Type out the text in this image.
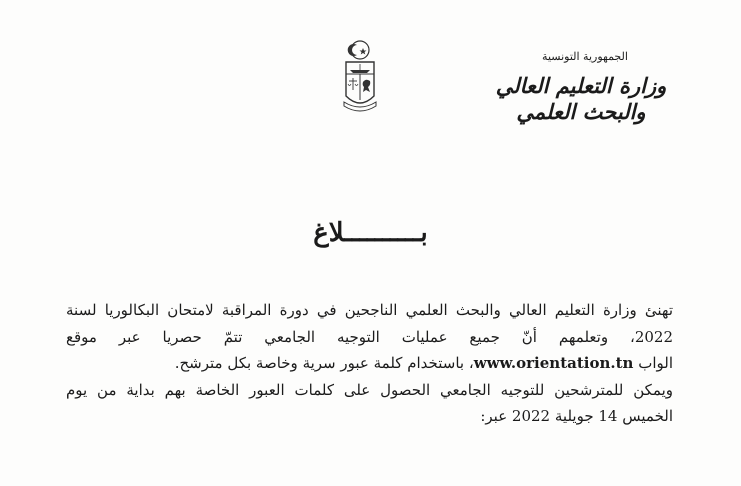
الجمهورية التونسية
وزارة التعليم العالي
والبحث العلمي
بــــــــــلاغ
تهنئ وزارة التعليم العالي والبحث العلمي الناجحين في دورة المراقبة لامتحان البكالوريا لسنة
2022، وتعلمهم أنّ جميع عمليات التوجيه الجامعي تتمّ حصريا عبر موقع
الواب www.orientation.tn، باستخدام كلمة عبور سرية وخاصة بكل مترشح.
ويمكن للمترشحين للتوجيه الجامعي الحصول على كلمات العبور الخاصة بهم بداية من يوم
الخميس 14 جويلية 2022 عبر:
